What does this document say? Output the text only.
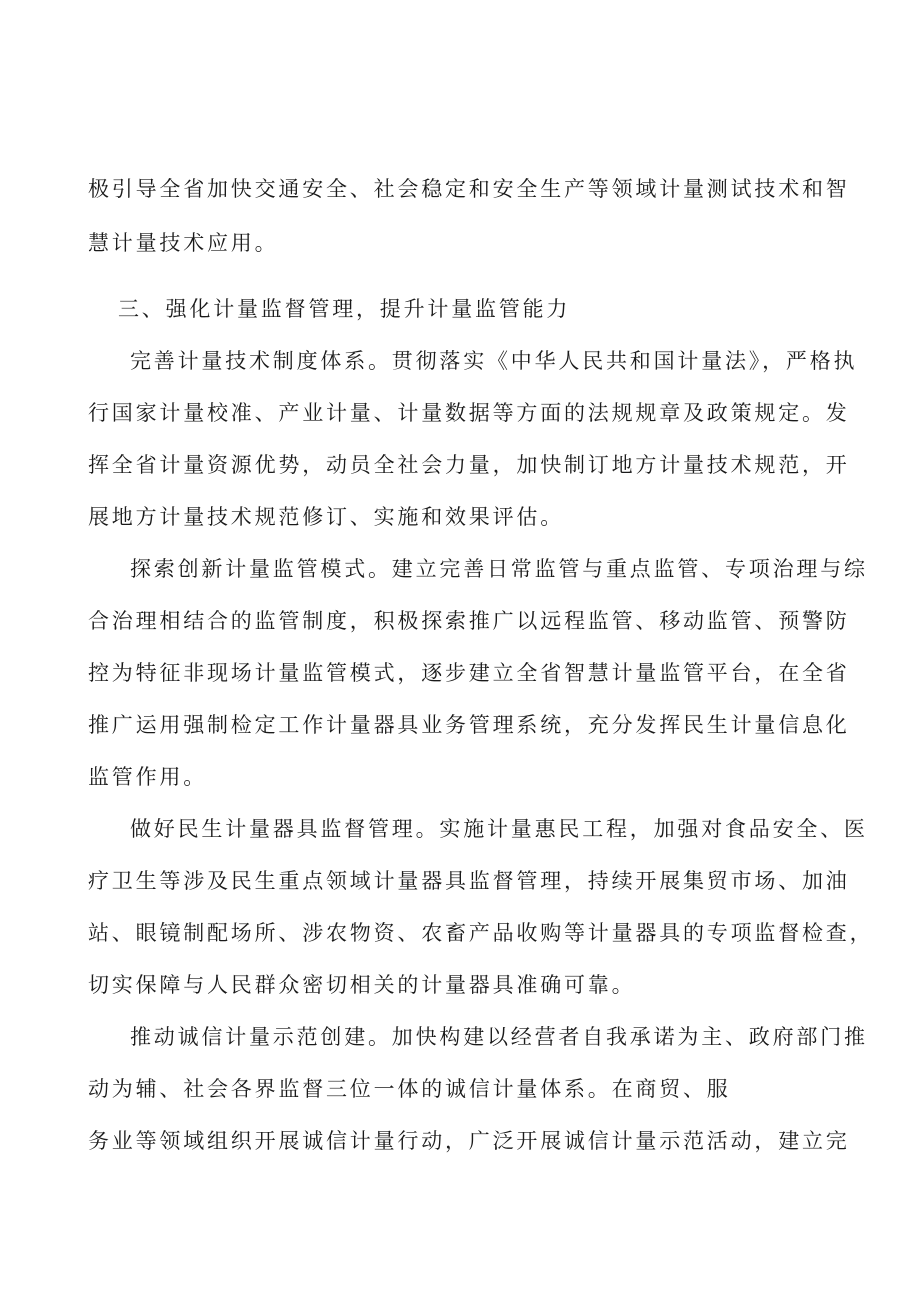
极引导全省加快交通安全、社会稳定和安全生产等领域计量测试技术和智
慧计量技术应用。
三、强化计量监督管理，提升计量监管能力
完善计量技术制度体系。贯彻落实《中华人民共和国计量法》，严格执
行国家计量校准、产业计量、计量数据等方面的法规规章及政策规定。发
挥全省计量资源优势，动员全社会力量，加快制订地方计量技术规范，开
展地方计量技术规范修订、实施和效果评估。
探索创新计量监管模式。建立完善日常监管与重点监管、专项治理与综
合治理相结合的监管制度，积极探索推广以远程监管、移动监管、预警防
控为特征非现场计量监管模式，逐步建立全省智慧计量监管平台，在全省
推广运用强制检定工作计量器具业务管理系统，充分发挥民生计量信息化
监管作用。
做好民生计量器具监督管理。实施计量惠民工程，加强对食品安全、医
疗卫生等涉及民生重点领域计量器具监督管理，持续开展集贸市场、加油
站、眼镜制配场所、涉农物资、农畜产品收购等计量器具的专项监督检查，
切实保障与人民群众密切相关的计量器具准确可靠。
推动诚信计量示范创建。加快构建以经营者自我承诺为主、政府部门推
动为辅、社会各界监督三位一体的诚信计量体系。在商贸、服
务业等领域组织开展诚信计量行动，广泛开展诚信计量示范活动，建立完
